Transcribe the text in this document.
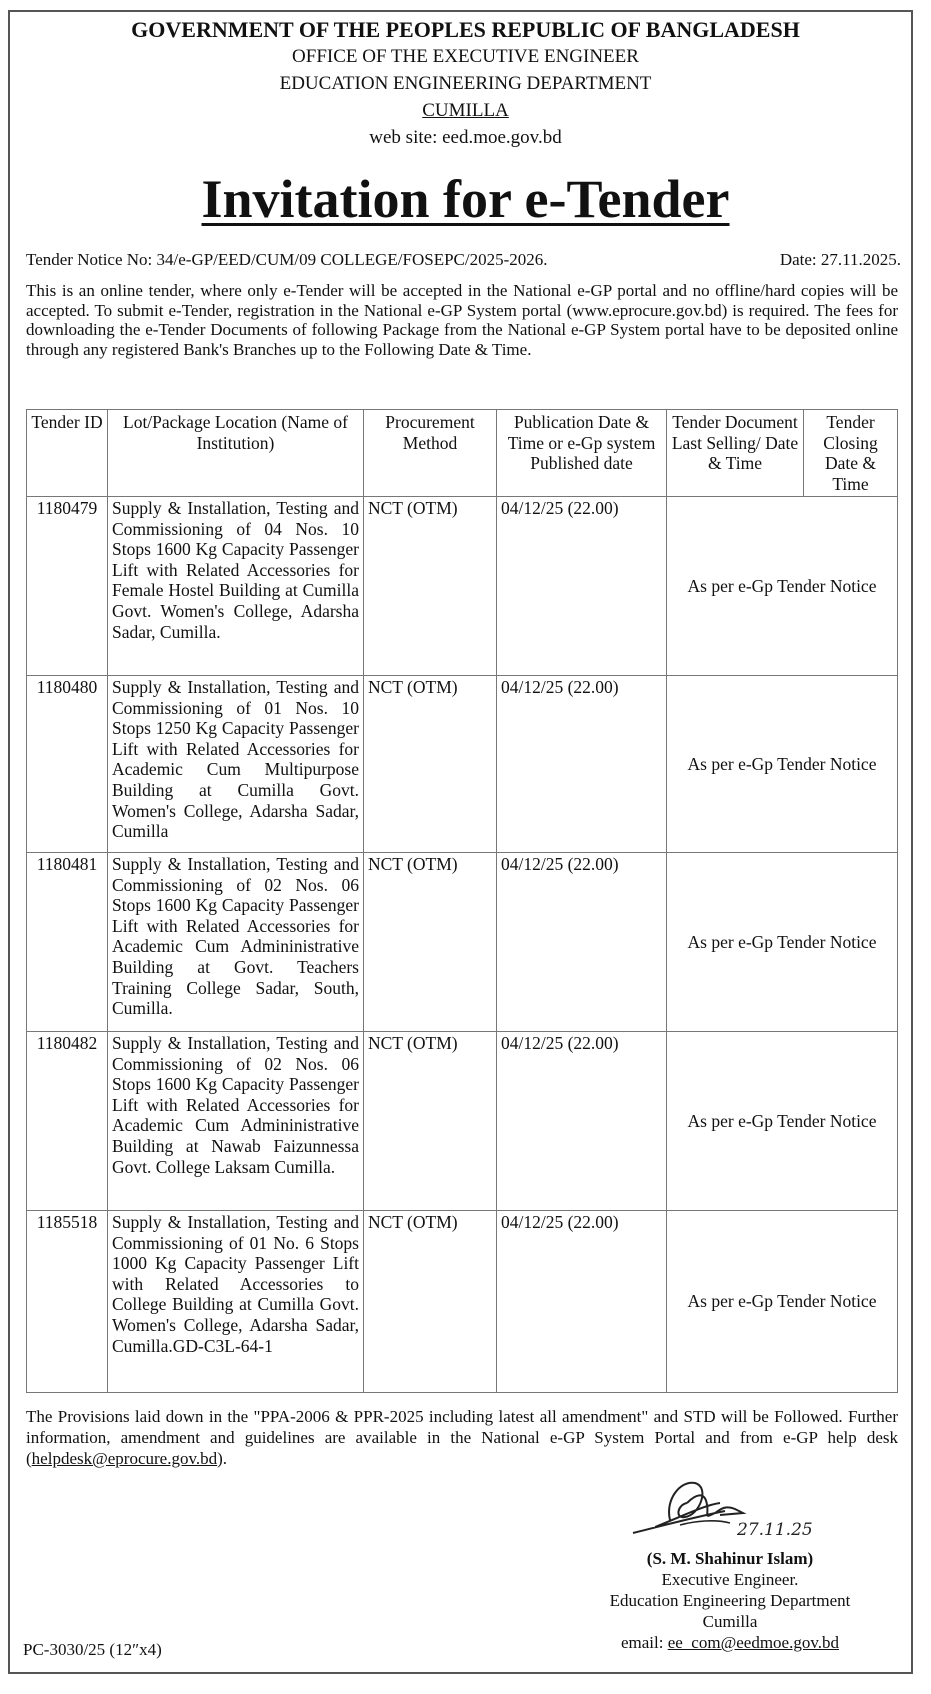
GOVERNMENT OF THE PEOPLES REPUBLIC OF BANGLADESH
OFFICE OF THE EXECUTIVE ENGINEER
EDUCATION ENGINEERING DEPARTMENT
CUMILLA
web site: eed.moe.gov.bd
Invitation for e-Tender
Tender Notice No: 34/e-GP/EED/CUM/09 COLLEGE/FOSEPC/2025-2026.	Date: 27.11.2025.
This is an online tender, where only e-Tender will be accepted in the National e-GP portal and no offline/hard copies will be accepted. To submit e-Tender, registration in the National e-GP System portal (www.eprocure.gov.bd) is required. The fees for downloading the e-Tender Documents of following Package from the National e-GP System portal have to be deposited online through any registered Bank's Branches up to the Following Date & Time.
Tender ID	Lot/Package Location (Name of Institution)	Procurement Method	Publication Date & Time or e-Gp system Published date	Tender Document Last Selling/ Date & Time	Tender Closing Date & Time
1180479	Supply & Installation, Testing and Commissioning of 04 Nos. 10 Stops 1600 Kg Capacity Passenger Lift with Related Accessories for Female Hostel Building at Cumilla Govt. Women's College, Adarsha Sadar, Cumilla.	NCT (OTM)	04/12/25 (22.00)	As per e-Gp Tender Notice	
1180480	Supply & Installation, Testing and Commissioning of 01 Nos. 10 Stops 1250 Kg Capacity Passenger Lift with Related Accessories for Academic Cum Multipurpose Building at Cumilla Govt. Women's College, Adarsha Sadar, Cumilla	NCT (OTM)	04/12/25 (22.00)	As per e-Gp Tender Notice	
1180481	Supply & Installation, Testing and Commissioning of 02 Nos. 06 Stops 1600 Kg Capacity Passenger Lift with Related Accessories for Academic Cum Admininistrative Building at Govt. Teachers Training College Sadar, South, Cumilla.	NCT (OTM)	04/12/25 (22.00)	As per e-Gp Tender Notice	
1180482	Supply & Installation, Testing and Commissioning of 02 Nos. 06 Stops 1600 Kg Capacity Passenger Lift with Related Accessories for Academic Cum Admininistrative Building at Nawab Faizunnessa Govt. College Laksam Cumilla.	NCT (OTM)	04/12/25 (22.00)	As per e-Gp Tender Notice	
1185518	Supply & Installation, Testing and Commissioning of 01 No. 6 Stops 1000 Kg Capacity Passenger Lift with Related Accessories to College Building at Cumilla Govt. Women's College, Adarsha Sadar, Cumilla.GD-C3L-64-1	NCT (OTM)	04/12/25 (22.00)	As per e-Gp Tender Notice	
The Provisions laid down in the "PPA-2006 & PPR-2025 including latest all amendment" and STD will be Followed. Further information, amendment and guidelines are available in the National e-GP System Portal and from e-GP help desk (helpdesk@eprocure.gov.bd).
27.11.25
(S. M. Shahinur Islam)
Executive Engineer.
Education Engineering Department
Cumilla
email: ee_com@eedmoe.gov.bd
PC-3030/25 (12″x4)
